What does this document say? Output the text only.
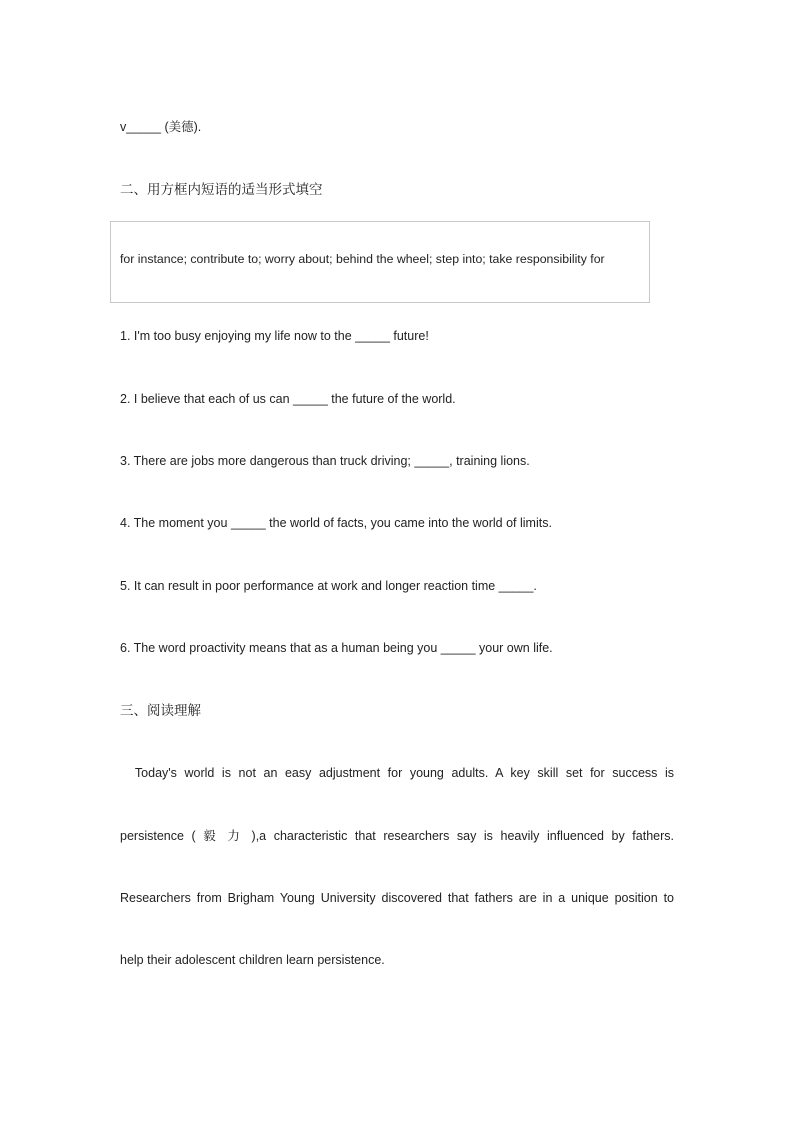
v_____ (美德).
二、用方框内短语的适当形式填空
for instance; contribute to; worry about; behind the wheel; step into; take responsibility for
1. I'm too busy enjoying my life now to the _____ future!
2. I believe that each of us can _____ the future of the world.
3. There are jobs more dangerous than truck driving; _____, training lions.
4. The moment you _____ the world of facts, you came into the world of limits.
5. It can result in poor performance at work and longer reaction time _____.
6. The word proactivity means that as a human being you _____ your own life.
三、阅读理解
Today's world is not an easy adjustment for young adults. A key skill set for success is
persistence ( 毅 力 ),a characteristic that researchers say is heavily influenced by fathers.
Researchers from Brigham Young University discovered that fathers are in a unique position to
help their adolescent children learn persistence.
